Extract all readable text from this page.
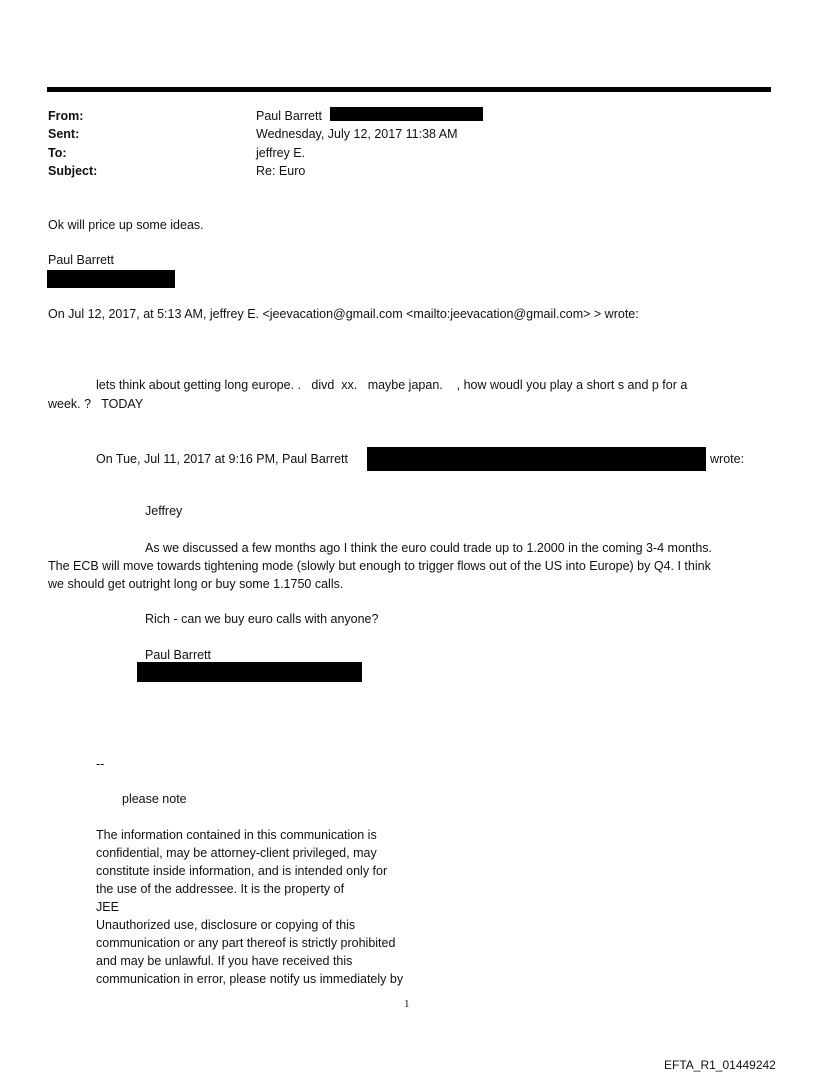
From:	Paul Barrett
Sent:	Wednesday, July 12, 2017 11:38 AM
To:	jeffrey E.
Subject:	Re: Euro
Ok will price up some ideas.
Paul Barrett
On Jul 12, 2017, at 5:13 AM, jeffrey E. <jeevacation@gmail.com <mailto:jeevacation@gmail.com> > wrote:
lets think about getting long europe. .   divd  xx.   maybe japan.    , how woudl you play a short s and p for a
week. ?   TODAY
On Tue, Jul 11, 2017 at 9:16 PM, Paul Barrett	wrote:
Jeffrey
As we discussed a few months ago I think the euro could trade up to 1.2000 in the coming 3-4 months.
The ECB will move towards tightening mode (slowly but enough to trigger flows out of the US into Europe) by Q4. I think
we should get outright long or buy some 1.1750 calls.
Rich - can we buy euro calls with anyone?
Paul Barrett
--
please note
The information contained in this communication is
confidential, may be attorney-client privileged, may
constitute inside information, and is intended only for
the use of the addressee. It is the property of
JEE
Unauthorized use, disclosure or copying of this
communication or any part thereof is strictly prohibited
and may be unlawful. If you have received this
communication in error, please notify us immediately by
1
EFTA_R1_01449242
